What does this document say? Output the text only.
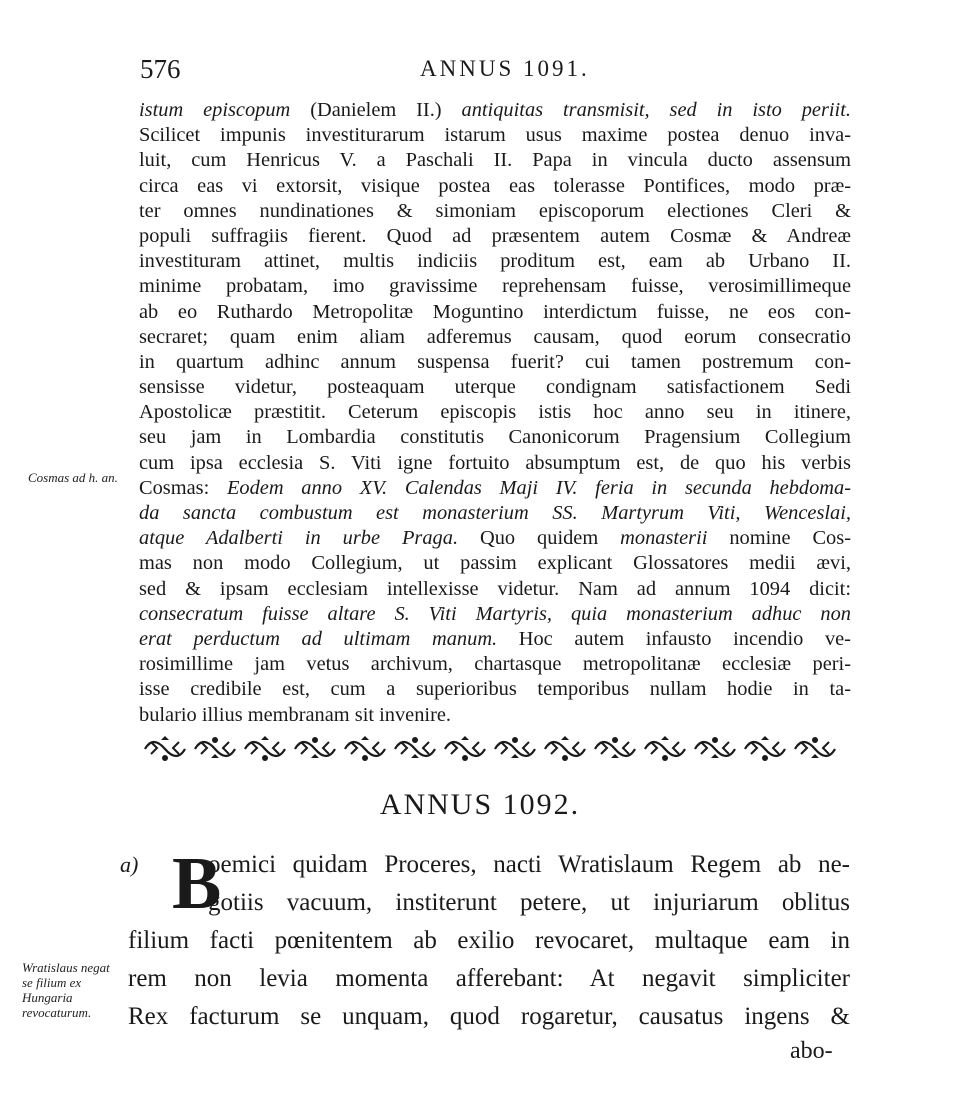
576	ANNUS 1091.
istum episcopum (Danielem II.) antiquitas transmisit, sed in isto periit.
Scilicet impunis investiturarum istarum usus maxime postea denuo inva-
luit, cum Henricus V. a Paschali II. Papa in vincula ducto assensum
circa eas vi extorsit, visique postea eas tolerasse Pontifices, modo præ-
ter omnes nundinationes & simoniam episcoporum electiones Cleri &
populi suffragiis fierent. Quod ad præsentem autem Cosmæ & Andreæ
investituram attinet, multis indiciis proditum est, eam ab Urbano II.
minime probatam, imo gravissime reprehensam fuisse, verosimillimeque
ab eo Ruthardo Metropolitæ Moguntino interdictum fuisse, ne eos con-
secraret; quam enim aliam adferemus causam, quod eorum consecratio
in quartum adhinc annum suspensa fuerit? cui tamen postremum con-
sensisse videtur, posteaquam uterque condignam satisfactionem Sedi
Apostolicæ præstitit. Ceterum episcopis istis hoc anno seu in itinere,
seu jam in Lombardia constitutis Canonicorum Pragensium Collegium
cum ipsa ecclesia S. Viti igne fortuito absumptum est, de quo his verbis
Cosmas: Eodem anno XV. Calendas Maji IV. feria in secunda hebdoma-
da sancta combustum est monasterium SS. Martyrum Viti, Wenceslai,
atque Adalberti in urbe Praga. Quo quidem monasterii nomine Cos-
mas non modo Collegium, ut passim explicant Glossatores medii ævi,
sed & ipsam ecclesiam intellexisse videtur. Nam ad annum 1094 dicit:
consecratum fuisse altare S. Viti Martyris, quia monasterium adhuc non
erat perductum ad ultimam manum. Hoc autem infausto incendio ve-
rosimillime jam vetus archivum, chartasque metropolitanæ ecclesiæ peri-
isse credibile est, cum a superioribus temporibus nullam hodie in ta-
bulario illius membranam sit invenire.
Cosmas ad h. an.
ANNUS 1092.
a) B
oemici quidam Proceres, nacti Wratislaum Regem ab ne-
gotiis vacuum, institerunt petere, ut injuriarum oblitus
filium facti pœnitentem ab exilio revocaret, multaque eam in
rem non levia momenta afferebant: At negavit simpliciter
Rex facturum se unquam, quod rogaretur, causatus ingens &
Wratislaus negat se filium ex Hungaria revocaturum.
abo-
